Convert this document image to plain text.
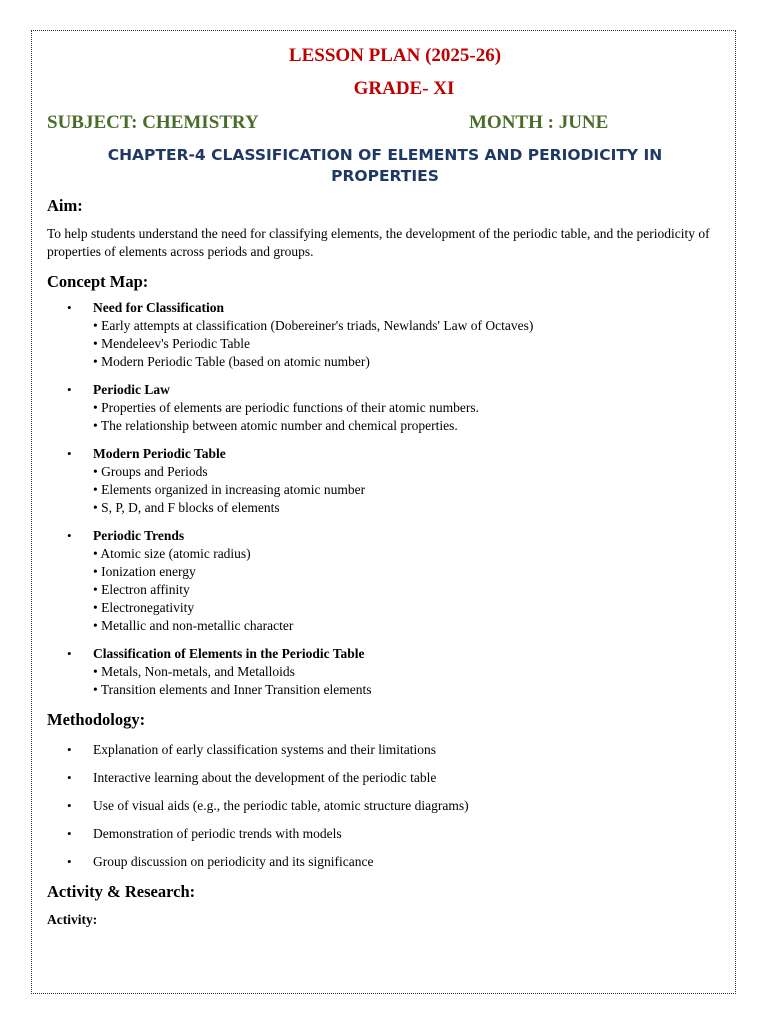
LESSON PLAN (2025-26)

GRADE- XI

SUBJECT: CHEMISTRY	MONTH : JUNE
CHAPTER-4 CLASSIFICATION OF ELEMENTS AND PERIODICITY IN
PROPERTIES

Aim:

To help students understand the need for classifying elements, the development of the periodic table, and the periodicity of properties of elements across periods and groups.

Concept Map:

• Need for Classification
• Early attempts at classification (Dobereiner's triads, Newlands' Law of Octaves)
• Mendeleev's Periodic Table
• Modern Periodic Table (based on atomic number)
• Periodic Law
• Properties of elements are periodic functions of their atomic numbers.
• The relationship between atomic number and chemical properties.
• Modern Periodic Table
• Groups and Periods
• Elements organized in increasing atomic number
• S, P, D, and F blocks of elements
• Periodic Trends
• Atomic size (atomic radius)
• Ionization energy
• Electron affinity
• Electronegativity
• Metallic and non-metallic character
• Classification of Elements in the Periodic Table
• Metals, Non-metals, and Metalloids
• Transition elements and Inner Transition elements

Methodology:

• Explanation of early classification systems and their limitations
• Interactive learning about the development of the periodic table
• Use of visual aids (e.g., the periodic table, atomic structure diagrams)
• Demonstration of periodic trends with models
• Group discussion on periodicity and its significance

Activity & Research:

Activity:
